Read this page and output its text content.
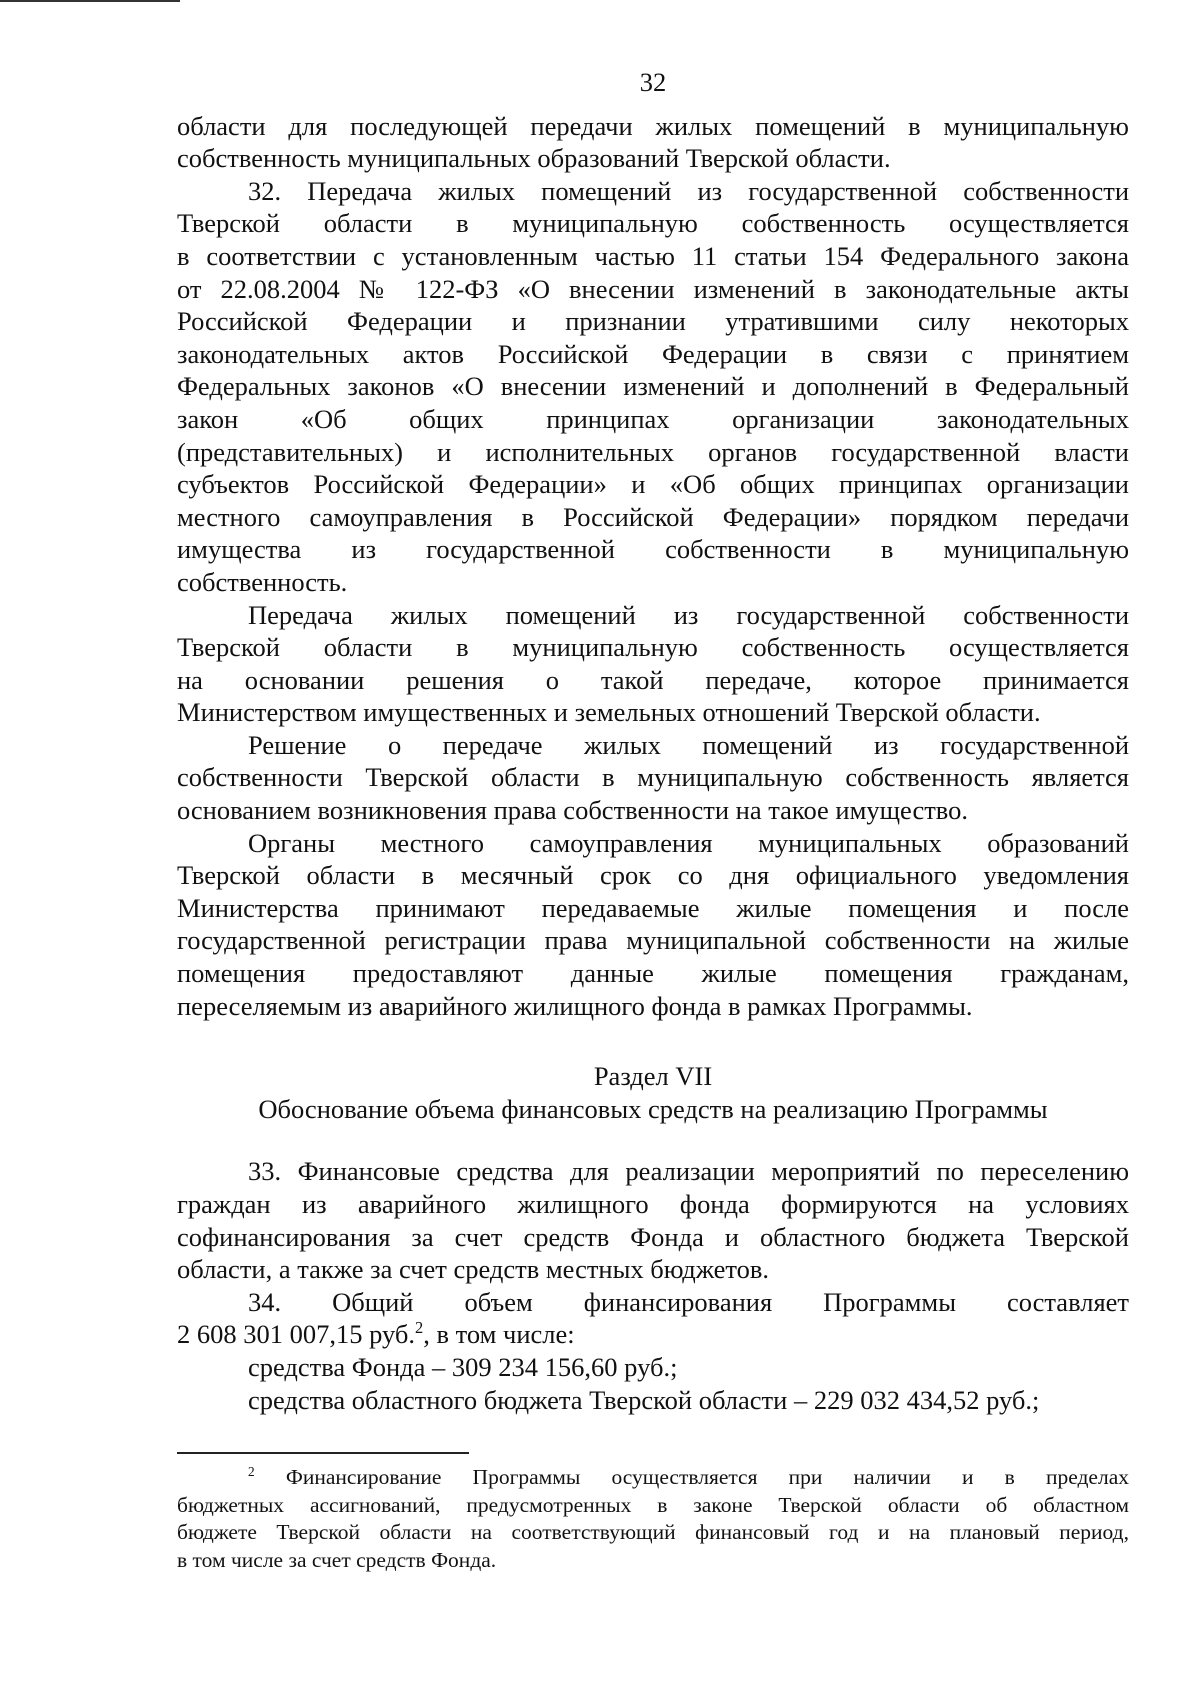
32
области для последующей передачи жилых помещений в муниципальную
собственность муниципальных образований Тверской области.
32. Передача жилых помещений из государственной собственности
Тверской области в муниципальную собственность осуществляется
в соответствии с установленным частью 11 статьи 154 Федерального закона
от 22.08.2004 № 122-ФЗ «О внесении изменений в законодательные акты
Российской Федерации и признании утратившими силу некоторых
законодательных актов Российской Федерации в связи с принятием
Федеральных законов «О внесении изменений и дополнений в Федеральный
закон «Об общих принципах организации законодательных
(представительных) и исполнительных органов государственной власти
субъектов Российской Федерации» и «Об общих принципах организации
местного самоуправления в Российской Федерации» порядком передачи
имущества из государственной собственности в муниципальную
собственность.
Передача жилых помещений из государственной собственности
Тверской области в муниципальную собственность осуществляется
на основании решения о такой передаче, которое принимается
Министерством имущественных и земельных отношений Тверской области.
Решение о передаче жилых помещений из государственной
собственности Тверской области в муниципальную собственность является
основанием возникновения права собственности на такое имущество.
Органы местного самоуправления муниципальных образований
Тверской области в месячный срок со дня официального уведомления
Министерства принимают передаваемые жилые помещения и после
государственной регистрации права муниципальной собственности на жилые
помещения предоставляют данные жилые помещения гражданам,
переселяемым из аварийного жилищного фонда в рамках Программы.
Раздел VII
Обоснование объема финансовых средств на реализацию Программы
33. Финансовые средства для реализации мероприятий по переселению
граждан из аварийного жилищного фонда формируются на условиях
софинансирования за счет средств Фонда и областного бюджета Тверской
области, а также за счет средств местных бюджетов.
34. Общий объем финансирования Программы составляет
2 608 301 007,15 руб.$^2$, в том числе:
средства Фонда – 309 234 156,60 руб.;
средства областного бюджета Тверской области – 229 032 434,52 руб.;
$^2$ Финансирование Программы осуществляется при наличии и в пределах
бюджетных ассигнований, предусмотренных в законе Тверской области об областном
бюджете Тверской области на соответствующий финансовый год и на плановый период,
в том числе за счет средств Фонда.
